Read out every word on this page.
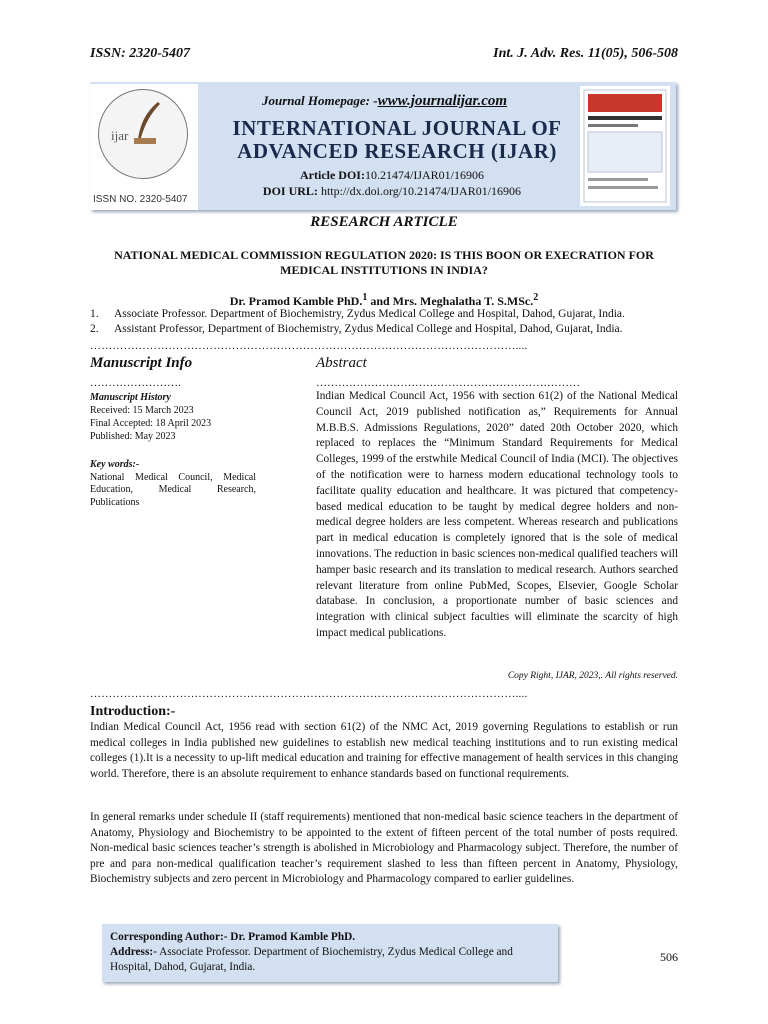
ISSN: 2320-5407	Int. J. Adv. Res. 11(05), 506-508
ijar
ISSN NO. 2320-5407
Journal Homepage: -www.journalijar.com
INTERNATIONAL JOURNAL OF
ADVANCED RESEARCH (IJAR)
Article DOI:10.21474/IJAR01/16906
DOI URL: http://dx.doi.org/10.21474/IJAR01/16906
RESEARCH ARTICLE
NATIONAL MEDICAL COMMISSION REGULATION 2020: IS THIS BOON OR EXECRATION FOR
MEDICAL INSTITUTIONS IN INDIA?
Dr. Pramod Kamble PhD.$^1$ and Mrs. Meghalatha T. S.MSc.$^2$
1. Associate Professor. Department of Biochemistry, Zydus Medical College and Hospital, Dahod, Gujarat, India.
2. Assistant Professor, Department of Biochemistry, Zydus Medical College and Hospital, Dahod, Gujarat, India.
……………………………………………………………………………………………………....
Manuscript Info	Abstract
…………………….	………………………………………………………………
Manuscript History
Received: 15 March 2023
Final Accepted: 18 April 2023
Published: May 2023
Key words:-
National Medical Council, Medical Education, Medical Research, Publications
Indian Medical Council Act, 1956 with section 61(2) of the National Medical Council Act, 2019 published notification as,” Requirements for Annual M.B.B.S. Admissions Regulations, 2020” dated 20th October 2020, which replaced to replaces the “Minimum Standard Requirements for Medical Colleges, 1999 of the erstwhile Medical Council of India (MCI). The objectives of the notification were to harness modern educational technology tools to facilitate quality education and healthcare. It was pictured that competency-based medical education to be taught by medical degree holders and non-medical degree holders are less competent. Whereas research and publications part in medical education is completely ignored that is the sole of medical innovations. The reduction in basic sciences non-medical qualified teachers will hamper basic research and its translation to medical research. Authors searched relevant literature from online PubMed, Scopes, Elsevier, Google Scholar database. In conclusion, a proportionate number of basic sciences and integration with clinical subject faculties will eliminate the scarcity of high impact medical publications.
Copy Right, IJAR, 2023,. All rights reserved.
……………………………………………………………………………………………………....
Introduction:-
Indian Medical Council Act, 1956 read with section 61(2) of the NMC Act, 2019 governing Regulations to establish or run medical colleges in India published new guidelines to establish new medical teaching institutions and to run existing medical colleges (1).It is a necessity to up-lift medical education and training for effective management of health services in this changing world. Therefore, there is an absolute requirement to enhance standards based on functional requirements.
In general remarks under schedule II (staff requirements) mentioned that non-medical basic science teachers in the department of Anatomy, Physiology and Biochemistry to be appointed to the extent of fifteen percent of the total number of posts required. Non-medical basic sciences teacher’s strength is abolished in Microbiology and Pharmacology subject. Therefore, the number of pre and para non-medical qualification teacher’s requirement slashed to less than fifteen percent in Anatomy, Physiology, Biochemistry subjects and zero percent in Microbiology and Pharmacology compared to earlier guidelines.
Corresponding Author:- Dr. Pramod Kamble PhD.
Address:- Associate Professor. Department of Biochemistry, Zydus Medical College and Hospital, Dahod, Gujarat, India.
506
